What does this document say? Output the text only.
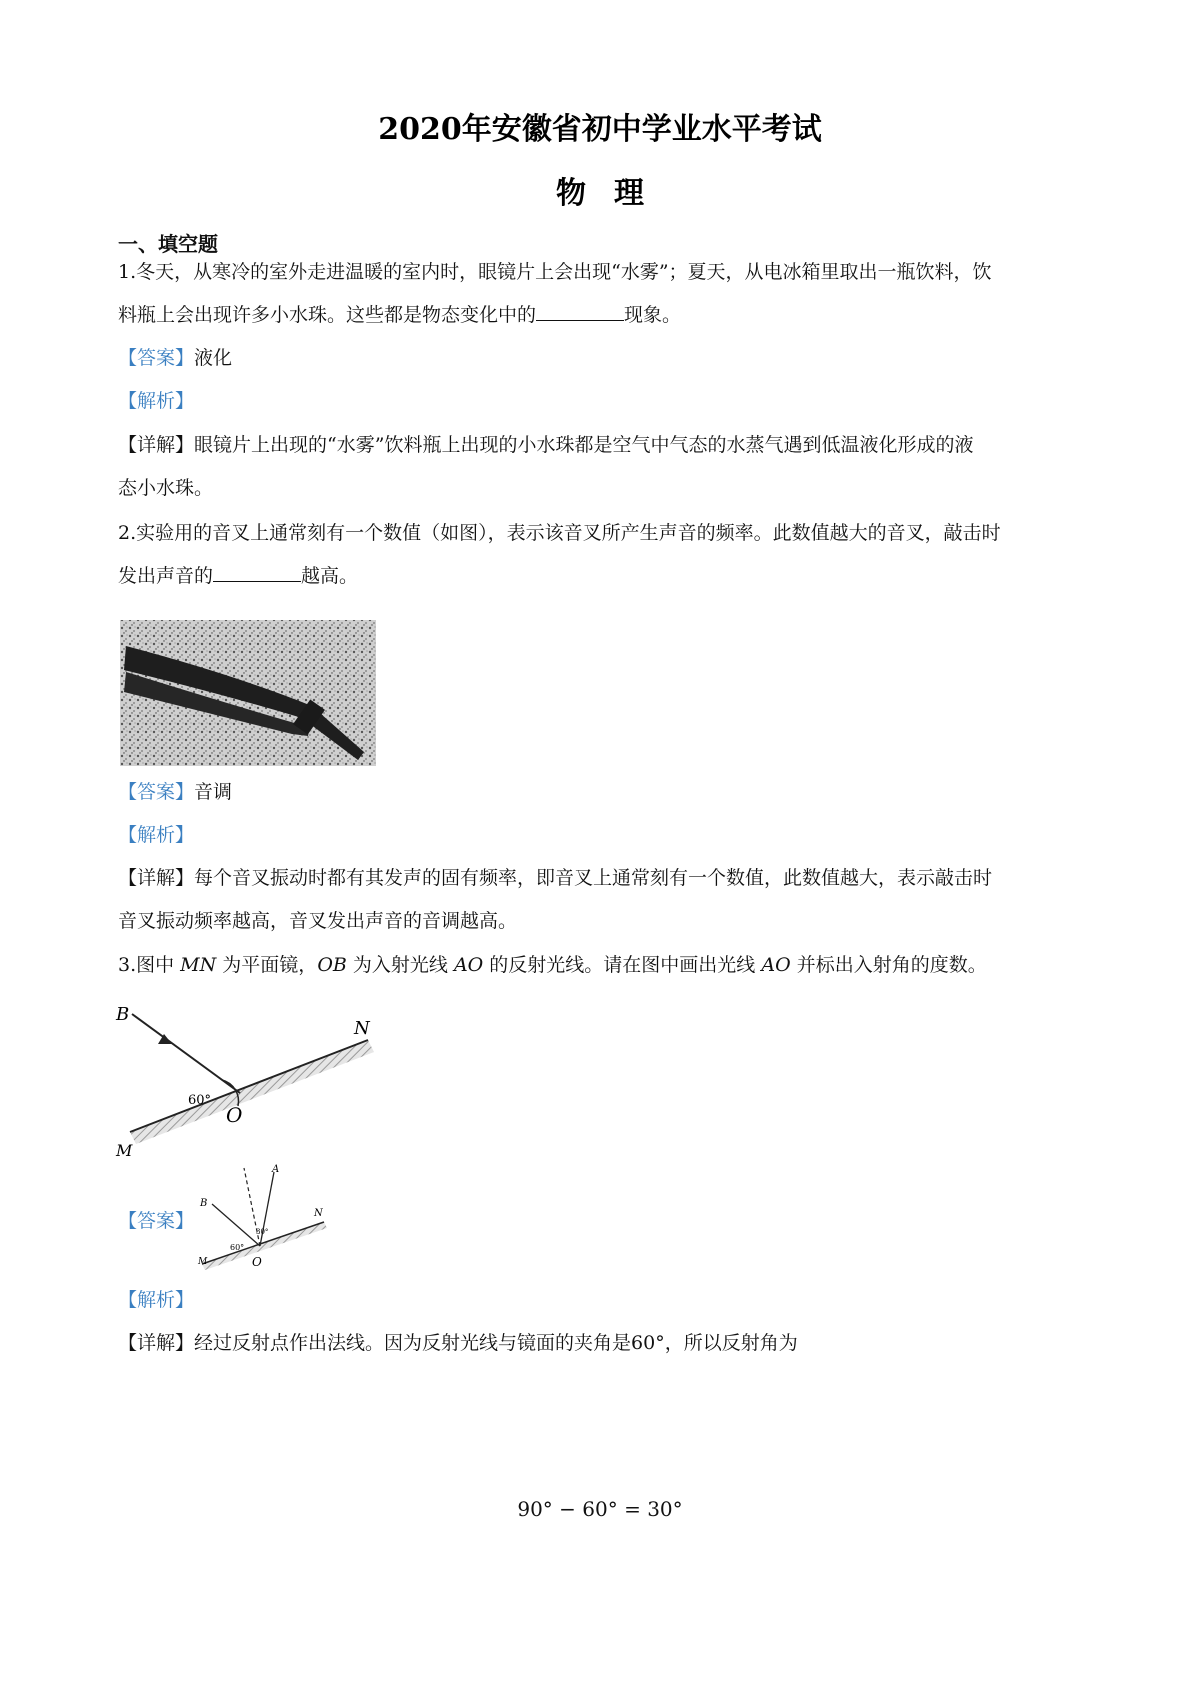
2020年安徽省初中学业水平考试
物理
一、填空题
1.冬天，从寒冷的室外走进温暖的室内时，眼镜片上会出现“水雾”；夏天，从电冰箱里取出一瓶饮料，饮
料瓶上会出现许多小水珠。这些都是物态变化中的	现象。
【答案】液化
【解析】
【详解】眼镜片上出现的“水雾”饮料瓶上出现的小水珠都是空气中气态的水蒸气遇到低温液化形成的液
态小水珠。
2.实验用的音叉上通常刻有一个数值（如图），表示该音叉所产生声音的频率。此数值越大的音叉，敲击时
发出声音的	越高。
【答案】音调
【解析】
【详解】每个音叉振动时都有其发声的固有频率，即音叉上通常刻有一个数值，此数值越大，表示敲击时
音叉振动频率越高，音叉发出声音的音调越高。
3.图中 MN 为平面镜，OB 为入射光线 AO 的反射光线。请在图中画出光线 AO 并标出入射角的度数。
B
N
M
O
60°
【答案】
B
A
N
M	O
60°
30°
【解析】
【详解】经过反射点作出法线。因为反射光线与镜面的夹角是60°，所以反射角为
90° − 60° = 30°
